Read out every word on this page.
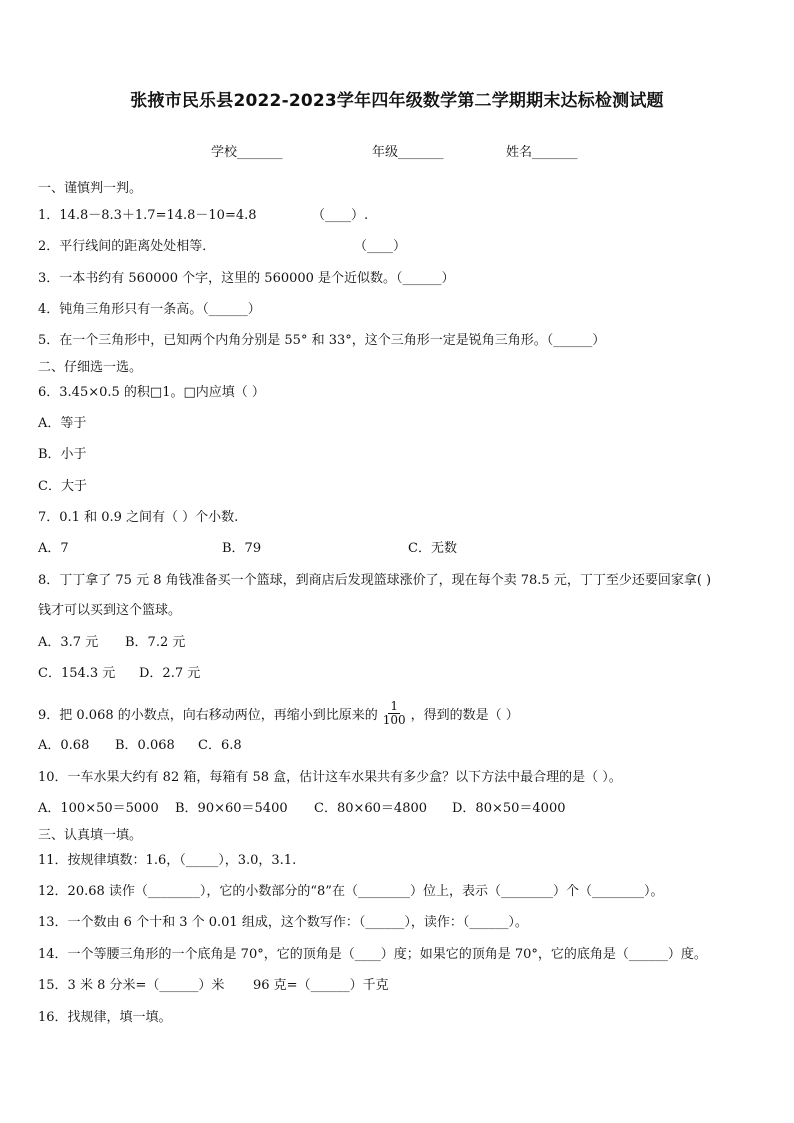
张掖市民乐县2022-2023学年四年级数学第二学期期末达标检测试题
学校_______	年级_______	姓名_______
一、谨慎判一判。
1．14.8－8.3＋1.7=14.8－10=4.8	（____）.
2．平行线间的距离处处相等．	（____）
3．一本书约有 560000 个字，这里的 560000 是个近似数。（______）
4．钝角三角形只有一条高。（______）
5．在一个三角形中，已知两个内角分别是 55° 和 33°，这个三角形一定是锐角三角形。（______）
二、仔细选一选。
6．3.45×0.5 的积□1。□内应填（ ）
A．等于
B．小于
C．大于
7．0.1 和 0.9 之间有（ ）个小数.
A．7	B．79	C．无数
8．丁丁拿了 75 元 8 角钱准备买一个篮球，到商店后发现篮球涨价了，现在每个卖 78.5 元，丁丁至少还要回家拿( )
钱才可以买到这个篮球。
A．3.7 元 B．7.2 元
C．154.3 元 D．2.7 元
9．把 0.068 的小数点，向右移动两位，再缩小到比原来的 $\frac{1}{100}$ ，得到的数是（ ）
A．0.68 B．0.068 C．6.8
10．一车水果大约有 82 箱，每箱有 58 盒，估计这车水果共有多少盒？以下方法中最合理的是（ ）。
A．100×50＝5000 B．90×60＝5400 C．80×60＝4800 D．80×50＝4000
三、认真填一填。
11．按规律填数：1.6，（_____），3.0，3.1.
12．20.68 读作（________），它的小数部分的“8”在（________）位上，表示（________）个（________）。
13．一个数由 6 个十和 3 个 0.01 组成，这个数写作：（______），读作：（______）。
14．一个等腰三角形的一个底角是 70°，它的顶角是（____）度；如果它的顶角是 70°，它的底角是（______）度。
15．3 米 8 分米=（______）米 96 克=（______）千克
16．找规律，填一填。
